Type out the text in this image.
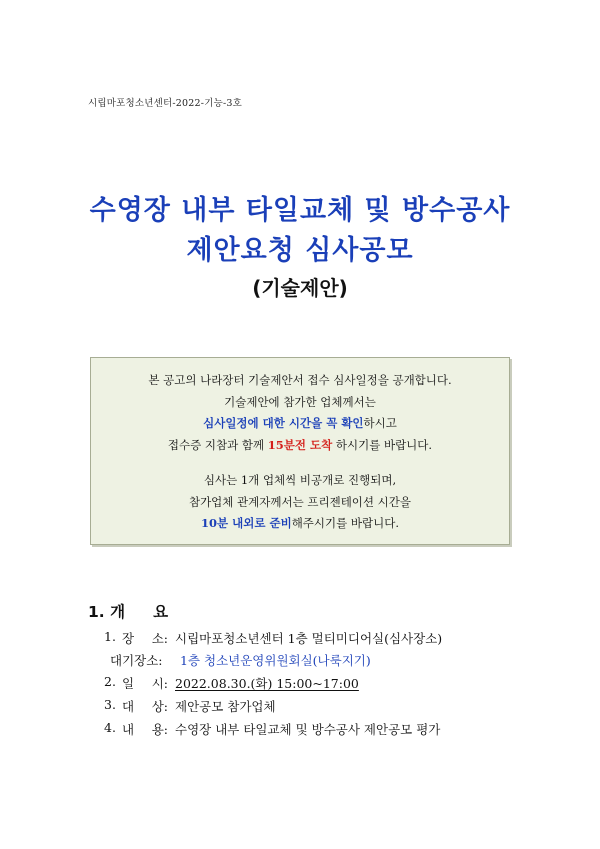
시립마포청소년센터-2022-기능-3호
수영장 내부 타일교체 및 방수공사
제안요청 심사공모
(기술제안)

본 공고의 나라장터 기술제안서 접수 심사일정을 공개합니다.

기술제안에 참가한 업체께서는

심사일정에 대한 시간을 꼭 확인하시고

접수증 지참과 함께 15분전 도착 하시기를 바랍니다.

심사는 1개 업체씩 비공개로 진행되며,

참가업체 관계자께서는 프리젠테이션 시간을

10분 내외로 준비해주시기를 바랍니다.

1. 개 요
1. 장 소: 시립마포청소년센터 1층 멀티미디어실(심사장소)
대기장소: 1층 청소년운영위원회실(나룩지기)
2. 일 시: 2022.08.30.(화) 15:00~17:00
3. 대 상: 제안공모 참가업체
4. 내 용: 수영장 내부 타일교체 및 방수공사 제안공모 평가
